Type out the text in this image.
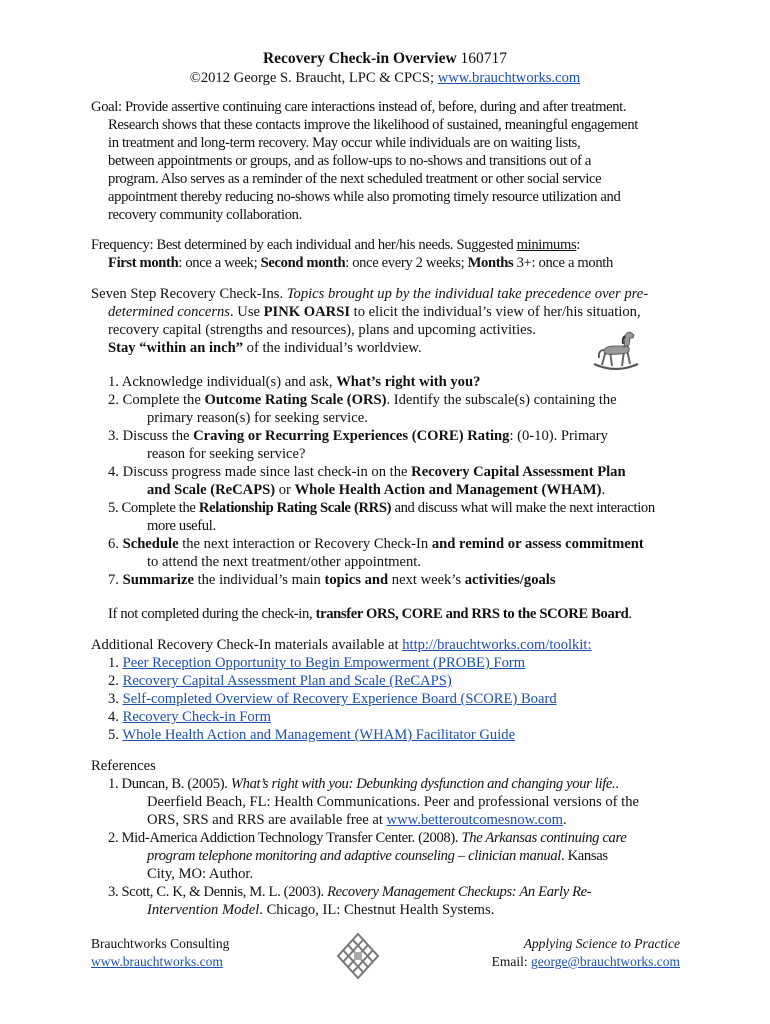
Recovery Check-in Overview 160717
©2012 George S. Braucht, LPC & CPCS; www.brauchtworks.com
Goal: Provide assertive continuing care interactions instead of, before, during and after treatment.
Research shows that these contacts improve the likelihood of sustained, meaningful engagement
in treatment and long-term recovery. May occur while individuals are on waiting lists,
between appointments or groups, and as follow-ups to no-shows and transitions out of a
program. Also serves as a reminder of the next scheduled treatment or other social service
appointment thereby reducing no-shows while also promoting timely resource utilization and
recovery community collaboration.
Frequency: Best determined by each individual and her/his needs. Suggested minimums:
First month: once a week; Second month: once every 2 weeks; Months 3+: once a month
Seven Step Recovery Check-Ins. Topics brought up by the individual take precedence over pre-
determined concerns. Use PINK OARSI to elicit the individual’s view of her/his situation,
recovery capital (strengths and resources), plans and upcoming activities.
Stay “within an inch” of the individual’s worldview.
1. Acknowledge individual(s) and ask, What’s right with you?
2. Complete the Outcome Rating Scale (ORS). Identify the subscale(s) containing the
primary reason(s) for seeking service.
3. Discuss the Craving or Recurring Experiences (CORE) Rating: (0-10). Primary
reason for seeking service?
4. Discuss progress made since last check-in on the Recovery Capital Assessment Plan
and Scale (ReCAPS) or Whole Health Action and Management (WHAM).
5. Complete the Relationship Rating Scale (RRS) and discuss what will make the next interaction
more useful.
6. Schedule the next interaction or Recovery Check-In and remind or assess commitment
to attend the next treatment/other appointment.
7. Summarize the individual’s main topics and next week’s activities/goals
If not completed during the check-in, transfer ORS, CORE and RRS to the SCORE Board.
Additional Recovery Check-In materials available at http://brauchtworks.com/toolkit:
1. Peer Reception Opportunity to Begin Empowerment (PROBE) Form
2. Recovery Capital Assessment Plan and Scale (ReCAPS)
3. Self-completed Overview of Recovery Experience Board (SCORE) Board
4. Recovery Check-in Form
5. Whole Health Action and Management (WHAM) Facilitator Guide
References
1. Duncan, B. (2005). What’s right with you: Debunking dysfunction and changing your life..
Deerfield Beach, FL: Health Communications. Peer and professional versions of the
ORS, SRS and RRS are available free at www.betteroutcomesnow.com.
2. Mid-America Addiction Technology Transfer Center. (2008). The Arkansas continuing care
program telephone monitoring and adaptive counseling – clinician manual. Kansas
City, MO: Author.
3. Scott, C. K, & Dennis, M. L. (2003). Recovery Management Checkups: An Early Re-
Intervention Model. Chicago, IL: Chestnut Health Systems.
Brauchtworks Consulting
www.brauchtworks.com
Applying Science to Practice
Email: george@brauchtworks.com
